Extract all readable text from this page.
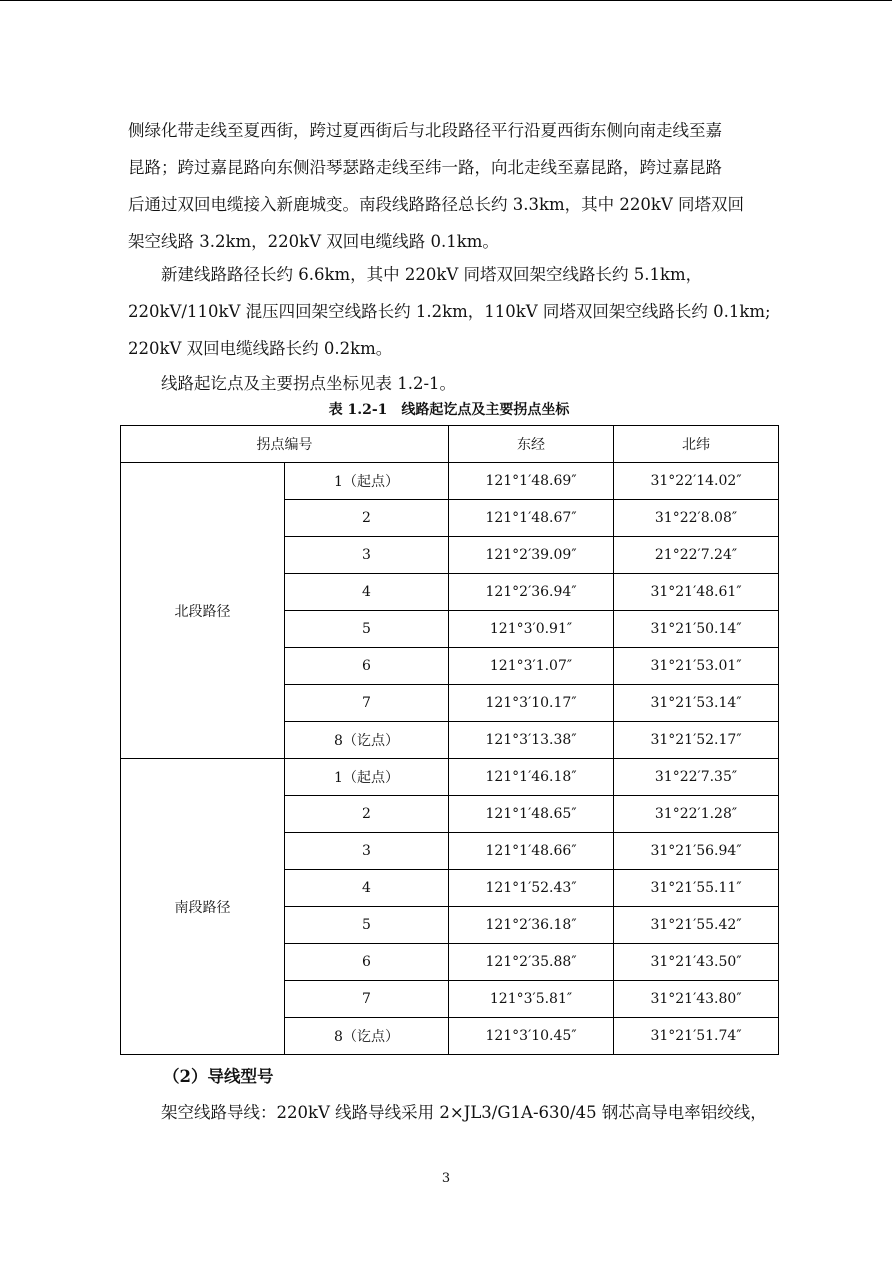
侧绿化带走线至夏西街，跨过夏西街后与北段路径平行沿夏西街东侧向南走线至嘉
昆路；跨过嘉昆路向东侧沿琴瑟路走线至纬一路，向北走线至嘉昆路，跨过嘉昆路
后通过双回电缆接入新鹿城变。南段线路路径总长约 3.3km，其中 220kV 同塔双回
架空线路 3.2km，220kV 双回电缆线路 0.1km。
　　新建线路路径长约 6.6km，其中 220kV 同塔双回架空线路长约 5.1km，
220kV/110kV 混压四回架空线路长约 1.2km，110kV 同塔双回架空线路长约 0.1km;
220kV 双回电缆线路长约 0.2km。
　　线路起讫点及主要拐点坐标见表 1.2-1。
表 1.2-1　线路起讫点及主要拐点坐标
拐点编号		东经	北纬
北段路径	1（起点）	121°1′48.69″	31°22′14.02″
	2	121°1′48.67″	31°22′8.08″
	3	121°2′39.09″	21°22′7.24″
	4	121°2′36.94″	31°21′48.61″
	5	121°3′0.91″	31°21′50.14″
	6	121°3′1.07″	31°21′53.01″
	7	121°3′10.17″	31°21′53.14″
	8（讫点）	121°3′13.38″	31°21′52.17″
南段路径	1（起点）	121°1′46.18″	31°22′7.35″
	2	121°1′48.65″	31°22′1.28″
	3	121°1′48.66″	31°21′56.94″
	4	121°1′52.43″	31°21′55.11″
	5	121°2′36.18″	31°21′55.42″
	6	121°2′35.88″	31°21′43.50″
	7	121°3′5.81″	31°21′43.80″
	8（讫点）	121°3′10.45″	31°21′51.74″
（2）导线型号
　　架空线路导线：220kV 线路导线采用 2×JL3/G1A-630/45 钢芯高导电率铝绞线，
3
